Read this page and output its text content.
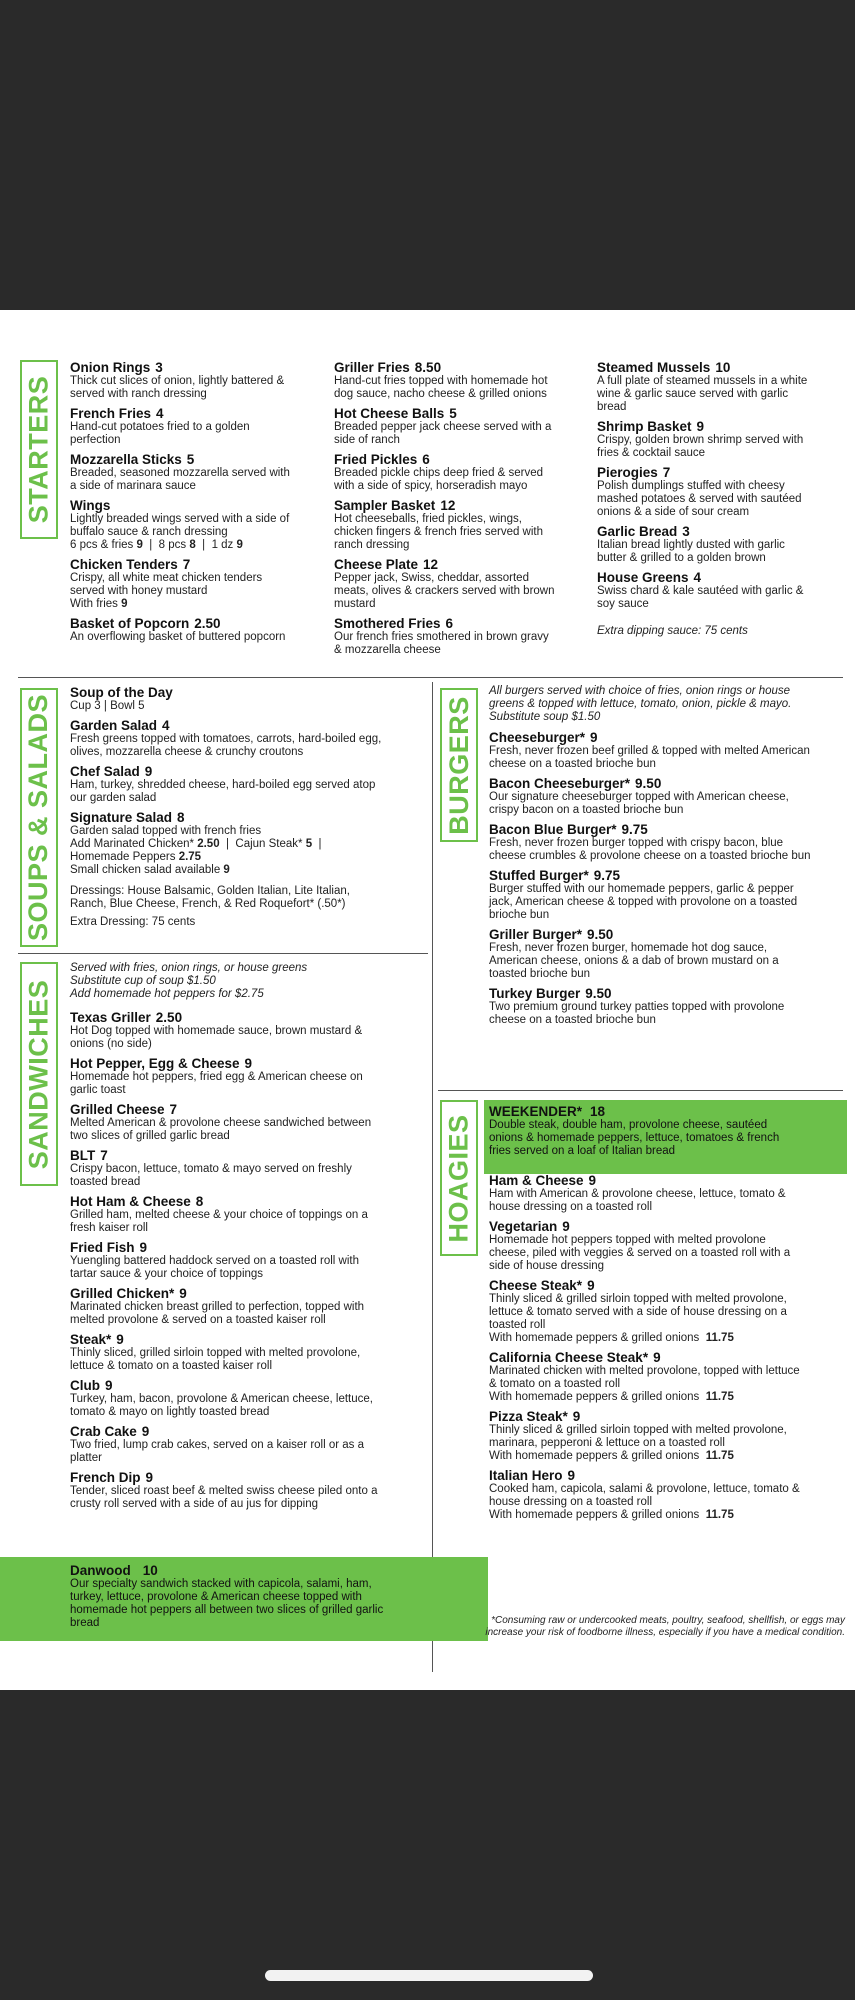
STARTERS
Onion Rings 3
Thick cut slices of onion, lightly battered &
served with ranch dressing
French Fries 4
Hand-cut potatoes fried to a golden
perfection
Mozzarella Sticks 5
Breaded, seasoned mozzarella served with
a side of marinara sauce
Wings
Lightly breaded wings served with a side of
buffalo sauce & ranch dressing
6 pcs & fries 9  |  8 pcs 8  |  1 dz 9
Chicken Tenders 7
Crispy, all white meat chicken tenders
served with honey mustard
With fries 9
Basket of Popcorn 2.50
An overflowing basket of buttered popcorn
Griller Fries 8.50
Hand-cut fries topped with homemade hot
dog sauce, nacho cheese & grilled onions
Hot Cheese Balls 5
Breaded pepper jack cheese served with a
side of ranch
Fried Pickles 6
Breaded pickle chips deep fried & served
with a side of spicy, horseradish mayo
Sampler Basket 12
Hot cheeseballs, fried pickles, wings,
chicken fingers & french fries served with
ranch dressing
Cheese Plate 12
Pepper jack, Swiss, cheddar, assorted
meats, olives & crackers served with brown
mustard
Smothered Fries 6
Our french fries smothered in brown gravy
& mozzarella cheese
Steamed Mussels 10
A full plate of steamed mussels in a white
wine & garlic sauce served with garlic
bread
Shrimp Basket 9
Crispy, golden brown shrimp served with
fries & cocktail sauce
Pierogies 7
Polish dumplings stuffed with cheesy
mashed potatoes & served with sautéed
onions & a side of sour cream
Garlic Bread 3
Italian bread lightly dusted with garlic
butter & grilled to a golden brown
House Greens 4
Swiss chard & kale sautéed with garlic &
soy sauce
Extra dipping sauce: 75 cents
SOUPS & SALADS
Soup of the Day
Cup 3 | Bowl 5
Garden Salad 4
Fresh greens topped with tomatoes, carrots, hard-boiled egg,
olives, mozzarella cheese & crunchy croutons
Chef Salad 9
Ham, turkey, shredded cheese, hard-boiled egg served atop
our garden salad
Signature Salad 8
Garden salad topped with french fries
Add Marinated Chicken* 2.50  |  Cajun Steak* 5  |
Homemade Peppers 2.75
Small chicken salad available 9
Dressings: House Balsamic, Golden Italian, Lite Italian,
Ranch, Blue Cheese, French, & Red Roquefort* (.50*)
Extra Dressing: 75 cents
SANDWICHES
Served with fries, onion rings, or house greens
Substitute cup of soup $1.50
Add homemade hot peppers for $2.75
Texas Griller 2.50
Hot Dog topped with homemade sauce, brown mustard &
onions (no side)
Hot Pepper, Egg & Cheese 9
Homemade hot peppers, fried egg & American cheese on
garlic toast
Grilled Cheese 7
Melted American & provolone cheese sandwiched between
two slices of grilled garlic bread
BLT 7
Crispy bacon, lettuce, tomato & mayo served on freshly
toasted bread
Hot Ham & Cheese 8
Grilled ham, melted cheese & your choice of toppings on a
fresh kaiser roll
Fried Fish 9
Yuengling battered haddock served on a toasted roll with
tartar sauce & your choice of toppings
Grilled Chicken* 9
Marinated chicken breast grilled to perfection, topped with
melted provolone & served on a toasted kaiser roll
Steak* 9
Thinly sliced, grilled sirloin topped with melted provolone,
lettuce & tomato on a toasted kaiser roll
Club 9
Turkey, ham, bacon, provolone & American cheese, lettuce,
tomato & mayo on lightly toasted bread
Crab Cake 9
Two fried, lump crab cakes, served on a kaiser roll or as a
platter
French Dip 9
Tender, sliced roast beef & melted swiss cheese piled onto a
crusty roll served with a side of au jus for dipping
Danwood 10
Our specialty sandwich stacked with capicola, salami, ham,
turkey, lettuce, provolone & American cheese topped with
homemade hot peppers all between two slices of grilled garlic
bread
BURGERS
All burgers served with choice of fries, onion rings or house
greens & topped with lettuce, tomato, onion, pickle & mayo.
Substitute soup $1.50
Cheeseburger* 9
Fresh, never frozen beef grilled & topped with melted American
cheese on a toasted brioche bun
Bacon Cheeseburger* 9.50
Our signature cheeseburger topped with American cheese,
crispy bacon on a toasted brioche bun
Bacon Blue Burger* 9.75
Fresh, never frozen burger topped with crispy bacon, blue
cheese crumbles & provolone cheese on a toasted brioche bun
Stuffed Burger* 9.75
Burger stuffed with our homemade peppers, garlic & pepper
jack, American cheese & topped with provolone on a toasted
brioche bun
Griller Burger* 9.50
Fresh, never frozen burger, homemade hot dog sauce,
American cheese, onions & a dab of brown mustard on a
toasted brioche bun
Turkey Burger 9.50
Two premium ground turkey patties topped with provolone
cheese on a toasted brioche bun
HOAGIES
WEEKENDER* 18
Double steak, double ham, provolone cheese, sautéed
onions & homemade peppers, lettuce, tomatoes & french
fries served on a loaf of Italian bread
Ham & Cheese 9
Ham with American & provolone cheese, lettuce, tomato &
house dressing on a toasted roll
Vegetarian 9
Homemade hot peppers topped with melted provolone
cheese, piled with veggies & served on a toasted roll with a
side of house dressing
Cheese Steak* 9
Thinly sliced & grilled sirloin topped with melted provolone,
lettuce & tomato served with a side of house dressing on a
toasted roll
With homemade peppers & grilled onions 11.75
California Cheese Steak* 9
Marinated chicken with melted provolone, topped with lettuce
& tomato on a toasted roll
With homemade peppers & grilled onions 11.75
Pizza Steak* 9
Thinly sliced & grilled sirloin topped with melted provolone,
marinara, pepperoni & lettuce on a toasted roll
With homemade peppers & grilled onions 11.75
Italian Hero 9
Cooked ham, capicola, salami & provolone, lettuce, tomato &
house dressing on a toasted roll
With homemade peppers & grilled onions 11.75
*Consuming raw or undercooked meats, poultry, seafood, shellfish, or eggs may
increase your risk of foodborne illness, especially if you have a medical condition.
